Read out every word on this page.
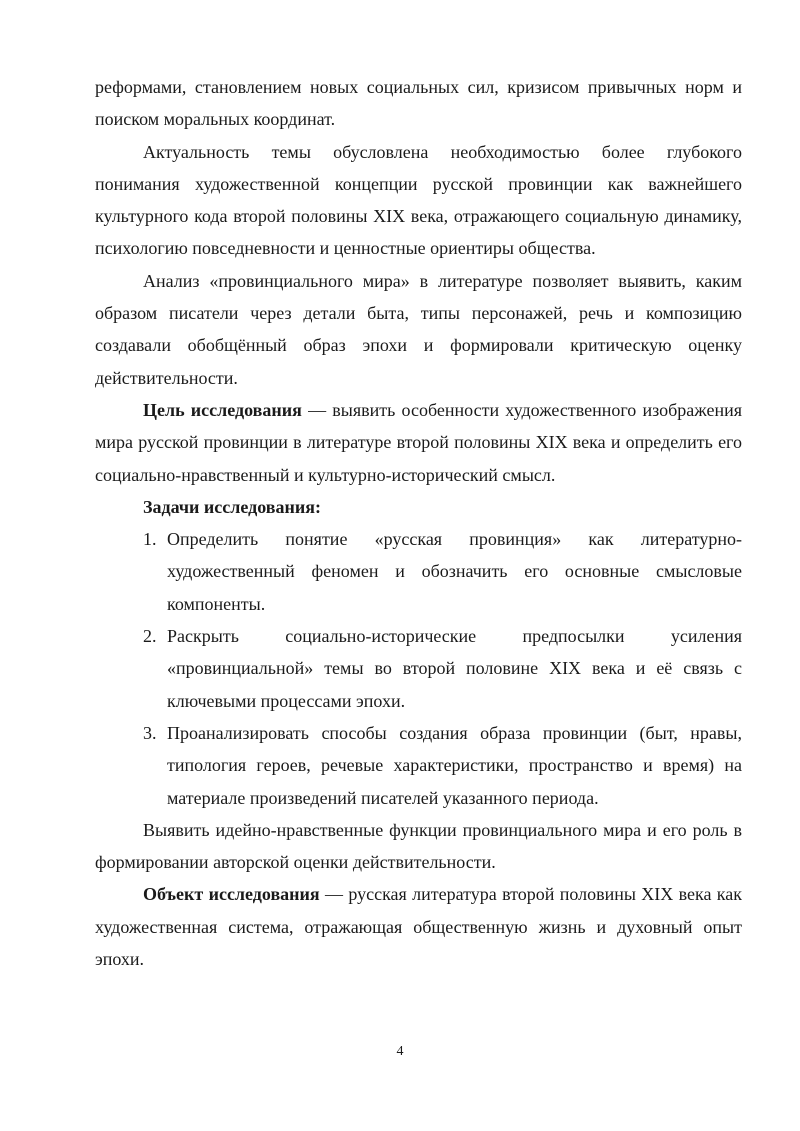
реформами, становлением новых социальных сил, кризисом привычных норм и поиском моральных координат.

Актуальность темы обусловлена необходимостью более глубокого понимания художественной концепции русской провинции как важнейшего культурного кода второй половины XIX века, отражающего социальную динамику, психологию повседневности и ценностные ориентиры общества.

Анализ «провинциального мира» в литературе позволяет выявить, каким образом писатели через детали быта, типы персонажей, речь и композицию создавали обобщённый образ эпохи и формировали критическую оценку действительности.

Цель исследования — выявить особенности художественного изображения мира русской провинции в литературе второй половины XIX века и определить его социально-нравственный и культурно-исторический смысл.

Задачи исследования:

1. Определить понятие «русская провинция» как литературно-художественный феномен и обозначить его основные смысловые компоненты.
2. Раскрыть социально-исторические предпосылки усиления «провинциальной» темы во второй половине XIX века и её связь с ключевыми процессами эпохи.
3. Проанализировать способы создания образа провинции (быт, нравы, типология героев, речевые характеристики, пространство и время) на материале произведений писателей указанного периода.

Выявить идейно-нравственные функции провинциального мира и его роль в формировании авторской оценки действительности.

Объект исследования — русская литература второй половины XIX века как художественная система, отражающая общественную жизнь и духовный опыт эпохи.

4
